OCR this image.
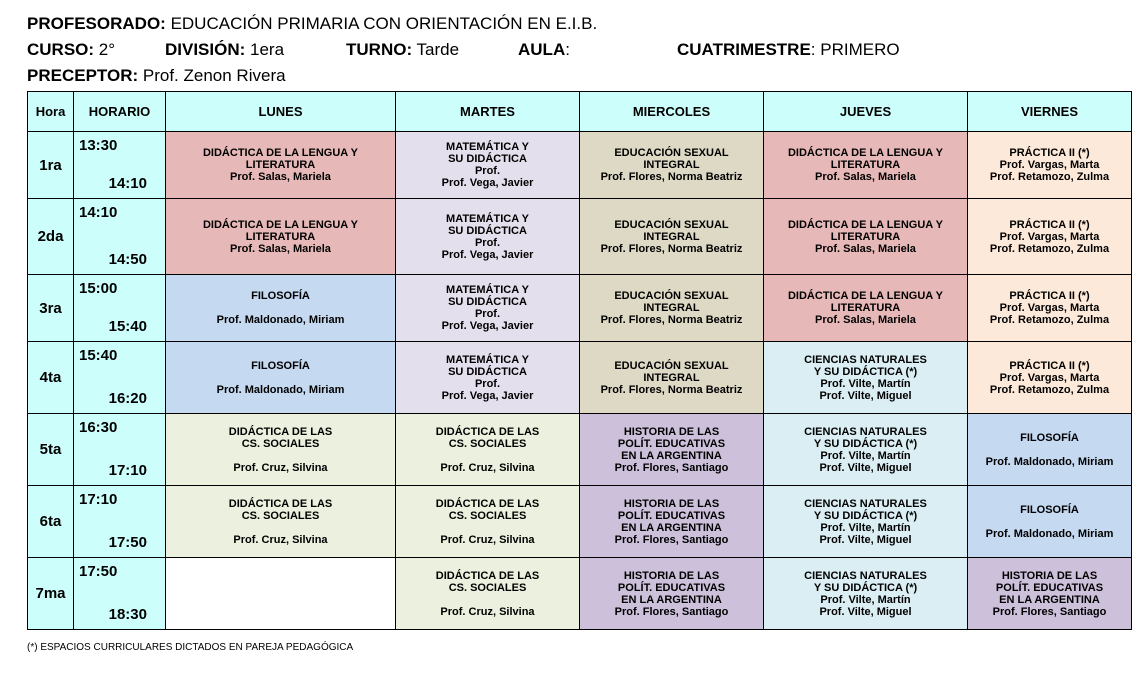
PROFESORADO: EDUCACIÓN PRIMARIA CON ORIENTACIÓN EN E.I.B.
CURSO: 2°	DIVISIÓN: 1era	TURNO: Tarde	AULA:	CUATRIMESTRE: PRIMERO
PRECEPTOR: Prof. Zenon Rivera
Hora	HORARIO	LUNES	MARTES	MIERCOLES	JUEVES	VIERNES
1ra	13:30
14:10	DIDÁCTICA DE LA LENGUA Y
LITERATURA
Prof. Salas, Mariela	MATEMÁTICA Y
SU DIDÁCTICA
Prof.
Prof. Vega, Javier	EDUCACIÓN SEXUAL
INTEGRAL
Prof. Flores, Norma Beatriz	DIDÁCTICA DE LA LENGUA Y
LITERATURA
Prof. Salas, Mariela	PRÁCTICA II (*)
Prof. Vargas, Marta
Prof. Retamozo, Zulma

2da	14:10
14:50	DIDÁCTICA DE LA LENGUA Y
LITERATURA
Prof. Salas, Mariela	MATEMÁTICA Y
SU DIDÁCTICA
Prof.
Prof. Vega, Javier	EDUCACIÓN SEXUAL
INTEGRAL
Prof. Flores, Norma Beatriz	DIDÁCTICA DE LA LENGUA Y
LITERATURA
Prof. Salas, Mariela	PRÁCTICA II (*)
Prof. Vargas, Marta
Prof. Retamozo, Zulma

3ra	15:00
15:40	FILOSOFÍA
Prof. Maldonado, Miriam	MATEMÁTICA Y
SU DIDÁCTICA
Prof.
Prof. Vega, Javier	EDUCACIÓN SEXUAL
INTEGRAL
Prof. Flores, Norma Beatriz	DIDÁCTICA DE LA LENGUA Y
LITERATURA
Prof. Salas, Mariela	PRÁCTICA II (*)
Prof. Vargas, Marta
Prof. Retamozo, Zulma

4ta	15:40
16:20	FILOSOFÍA
Prof. Maldonado, Miriam	MATEMÁTICA Y
SU DIDÁCTICA
Prof.
Prof. Vega, Javier	EDUCACIÓN SEXUAL
INTEGRAL
Prof. Flores, Norma Beatriz	CIENCIAS NATURALES
Y SU DIDÁCTICA (*)
Prof. Vilte, Martín
Prof. Vilte, Miguel	PRÁCTICA II (*)
Prof. Vargas, Marta
Prof. Retamozo, Zulma

5ta	16:30
17:10	DIDÁCTICA DE LAS
CS. SOCIALES
Prof. Cruz, Silvina	DIDÁCTICA DE LAS
CS. SOCIALES
Prof. Cruz, Silvina	HISTORIA DE LAS
POLÍT. EDUCATIVAS
EN LA ARGENTINA
Prof. Flores, Santiago	CIENCIAS NATURALES
Y SU DIDÁCTICA (*)
Prof. Vilte, Martín
Prof. Vilte, Miguel	FILOSOFÍA
Prof. Maldonado, Miriam

6ta	17:10
17:50	DIDÁCTICA DE LAS
CS. SOCIALES
Prof. Cruz, Silvina	DIDÁCTICA DE LAS
CS. SOCIALES
Prof. Cruz, Silvina	HISTORIA DE LAS
POLÍT. EDUCATIVAS
EN LA ARGENTINA
Prof. Flores, Santiago	CIENCIAS NATURALES
Y SU DIDÁCTICA (*)
Prof. Vilte, Martín
Prof. Vilte, Miguel	FILOSOFÍA
Prof. Maldonado, Miriam

7ma	17:50
18:30		DIDÁCTICA DE LAS
CS. SOCIALES
Prof. Cruz, Silvina	HISTORIA DE LAS
POLÍT. EDUCATIVAS
EN LA ARGENTINA
Prof. Flores, Santiago	CIENCIAS NATURALES
Y SU DIDÁCTICA (*)
Prof. Vilte, Martín
Prof. Vilte, Miguel	HISTORIA DE LAS
POLÍT. EDUCATIVAS
EN LA ARGENTINA
Prof. Flores, Santiago
(*) ESPACIOS CURRICULARES DICTADOS EN PAREJA PEDAGÓGICA
